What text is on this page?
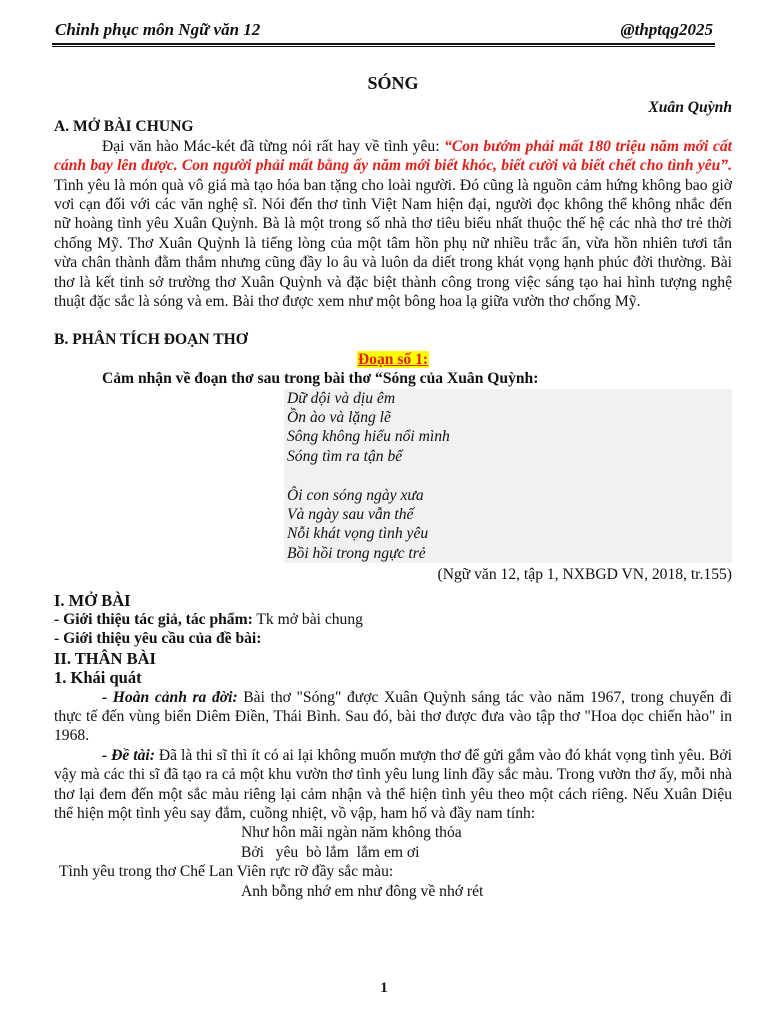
Chinh phục môn Ngữ văn 12	@thptqg2025

SÓNG

Xuân Quỳnh

A. MỞ BÀI CHUNG

Đại văn hào Mác-két đã từng nói rất hay về tình yêu: “Con bướm phải mất 180 triệu năm mới cất cánh bay lên được. Con người phải mất bằng ấy năm mới biết khóc, biết cười và biết chết cho tình yêu”. Tình yêu là món quà vô giá mà tạo hóa ban tặng cho loài người. Đó cũng là nguồn cảm hứng không bao giờ vơi cạn đối với các văn nghệ sĩ. Nói đến thơ tình Việt Nam hiện đại, người đọc không thể không nhắc đến nữ hoàng tình yêu Xuân Quỳnh. Bà là một trong số nhà thơ tiêu biểu nhất thuộc thế hệ các nhà thơ trẻ thời chống Mỹ. Thơ Xuân Quỳnh là tiếng lòng của một tâm hồn phụ nữ nhiều trắc ẩn, vừa hồn nhiên tươi tắn vừa chân thành đằm thắm nhưng cũng đầy lo âu và luôn da diết trong khát vọng hạnh phúc đời thường. Bài thơ là kết tinh sở trường thơ Xuân Quỳnh và đặc biệt thành công trong việc sáng tạo hai hình tượng nghệ thuật đặc sắc là sóng và em. Bài thơ được xem như một bông hoa lạ giữa vườn thơ chống Mỹ.

B. PHÂN TÍCH ĐOẠN THƠ

Đoạn số 1:

Cảm nhận về đoạn thơ sau trong bài thơ “Sóng của Xuân Quỳnh:

Dữ dội và dịu êm
Ồn ào và lặng lẽ
Sông không hiểu nổi mình
Sóng tìm ra tận bể
Ôi con sóng ngày xưa
Và ngày sau vẫn thế
Nỗi khát vọng tình yêu
Bồi hồi trong ngực trẻ

(Ngữ văn 12, tập 1, NXBGD VN, 2018, tr.155)

I. MỞ BÀI

- Giới thiệu tác giả, tác phẩm: Tk mở bài chung

- Giới thiệu yêu cầu của đề bài:

II. THÂN BÀI

1. Khái quát

- Hoàn cảnh ra đời: Bài thơ "Sóng" được Xuân Quỳnh sáng tác vào năm 1967, trong chuyến đi thực tế đến vùng biển Diêm Điền, Thái Bình. Sau đó, bài thơ được đưa vào tập thơ "Hoa dọc chiến hào" in 1968.

- Đề tài: Đã là thi sĩ thì ít có ai lại không muốn mượn thơ để gửi gắm vào đó khát vọng tình yêu. Bởi vậy mà các thi sĩ đã tạo ra cả một khu vườn thơ tình yêu lung linh đầy sắc màu. Trong vườn thơ ấy, mỗi nhà thơ lại đem đến một sắc màu riêng lại cảm nhận và thể hiện tình yêu theo một cách riêng. Nếu Xuân Diệu thể hiện một tình yêu say đắm, cuồng nhiệt, vồ vập, ham hố và đầy nam tính:

Như hôn mãi ngàn năm không thỏa

Bởi   yêu  bò lắm  lắm em ơi

Tình yêu trong thơ Chế Lan Viên rực rỡ đầy sắc màu:

Anh bỗng nhớ em như đông về nhớ rét

1
